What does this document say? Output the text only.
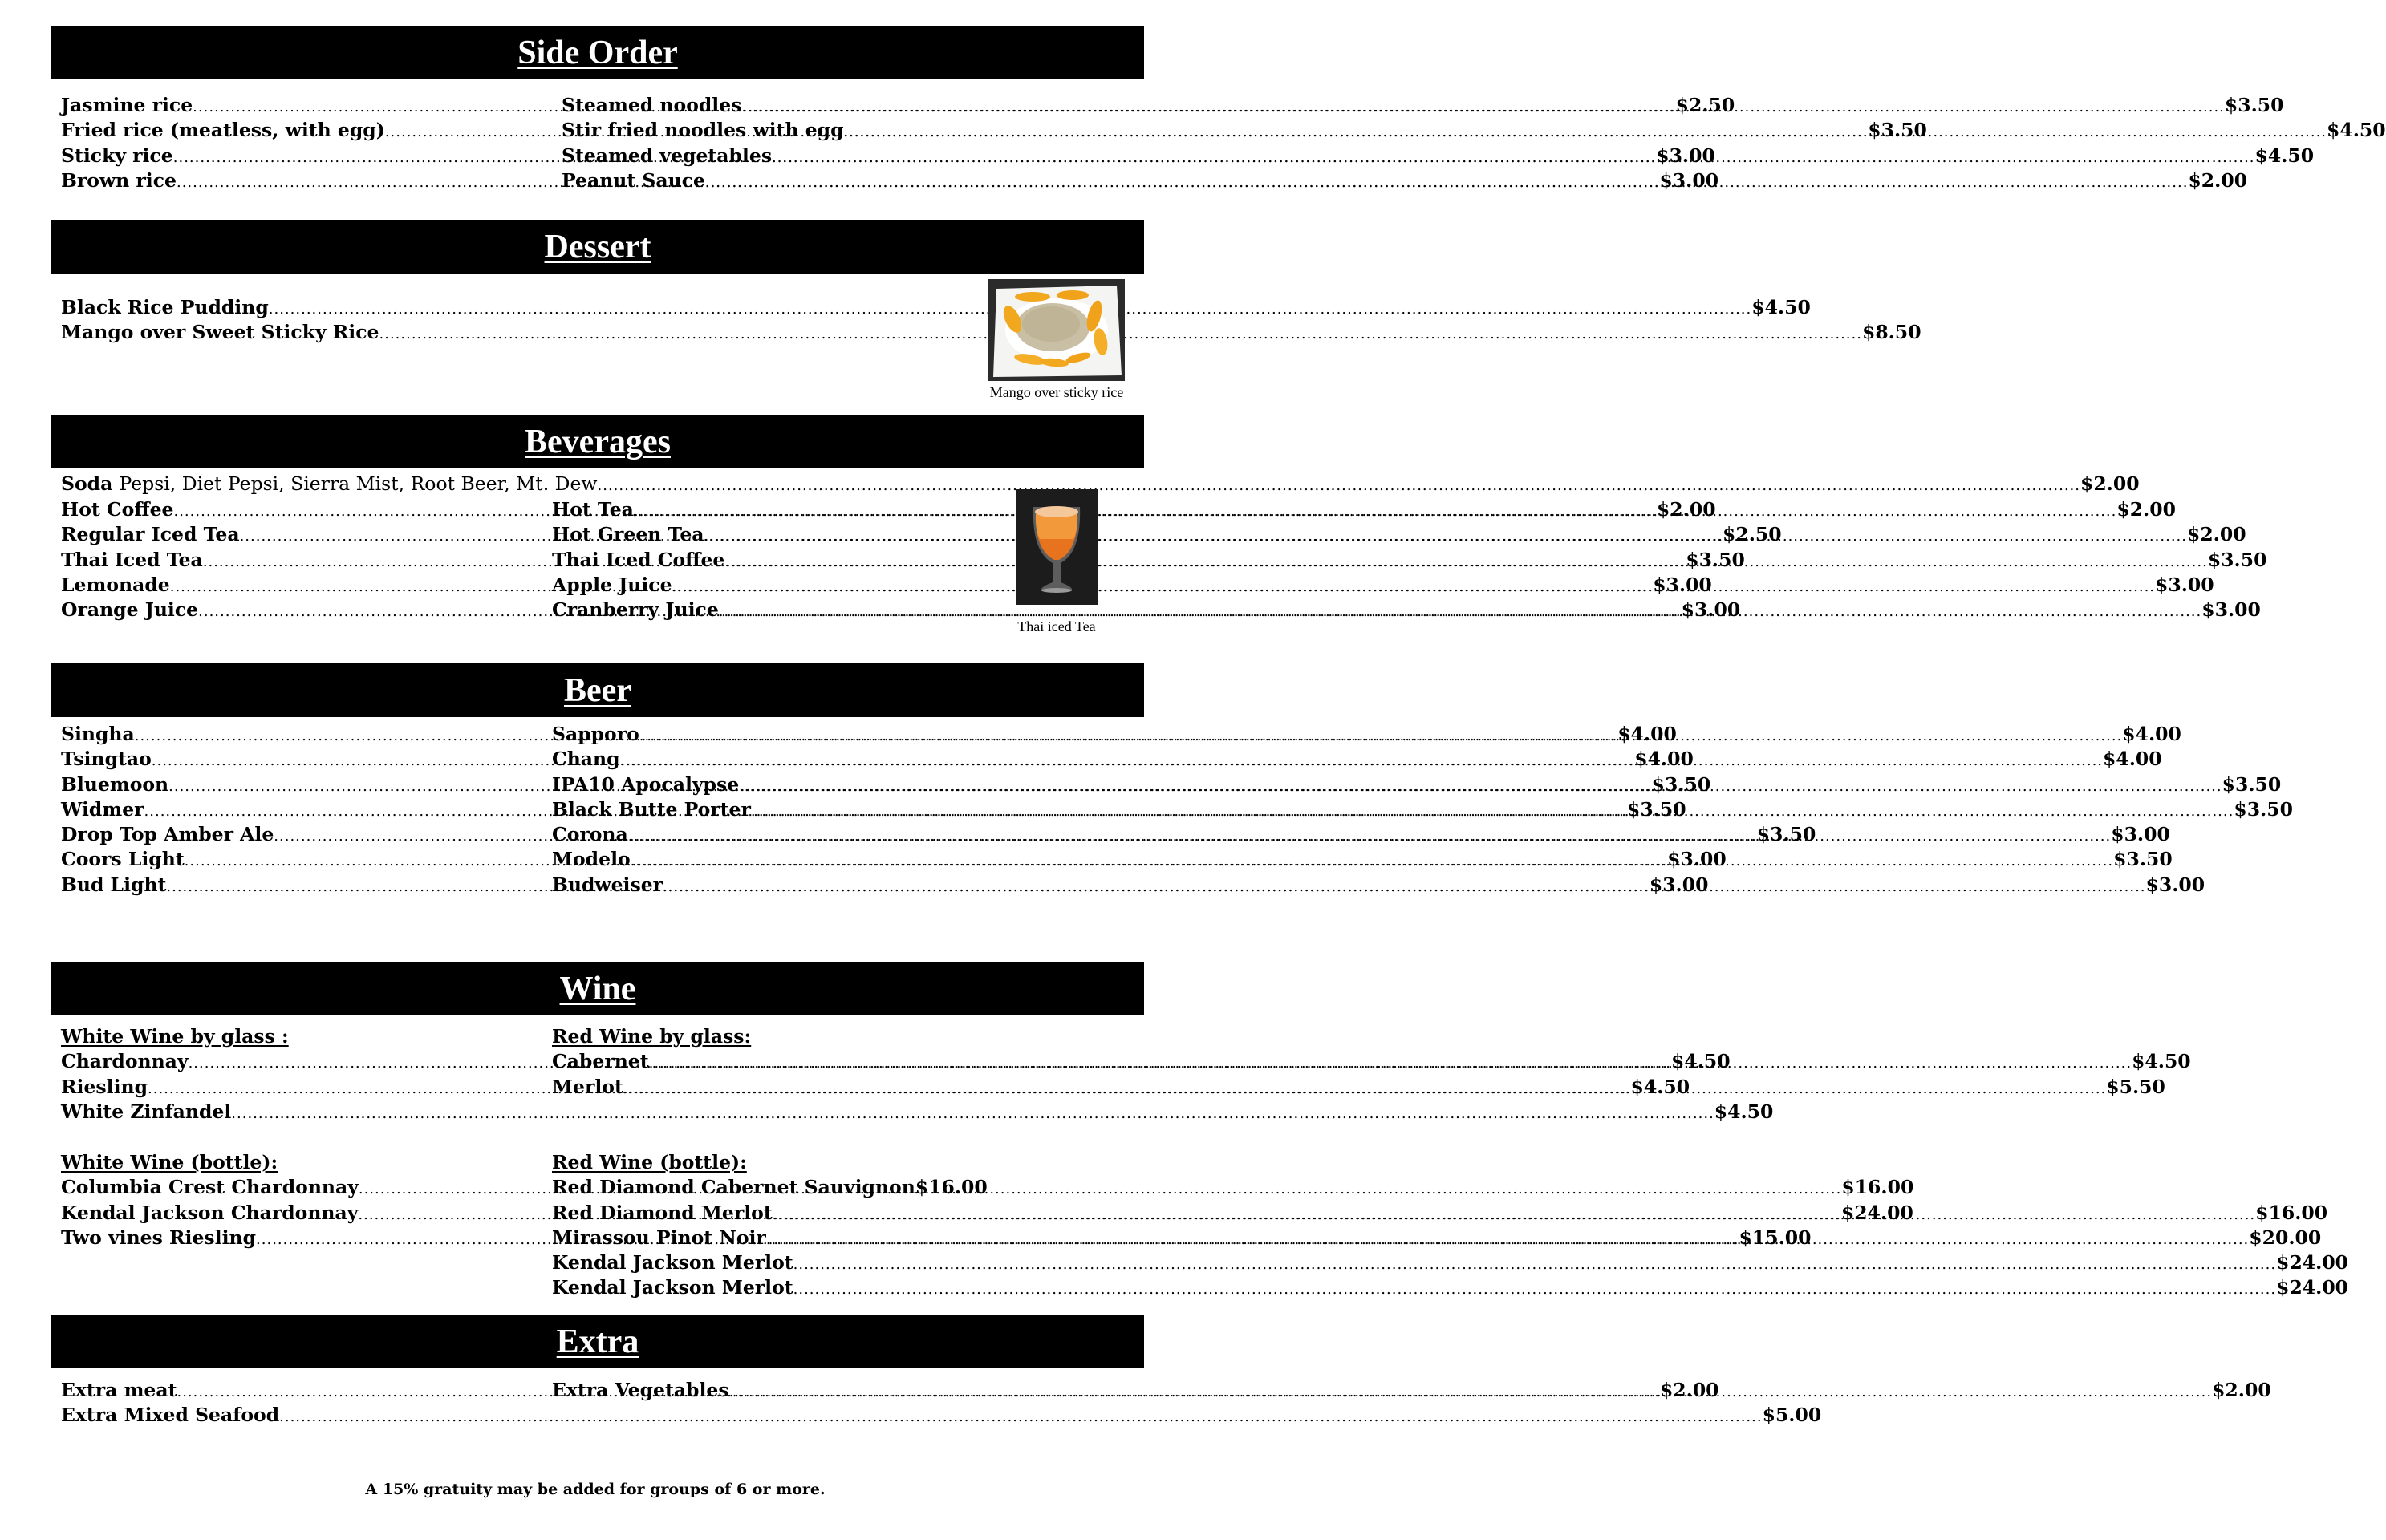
Side Order
Jasmine rice .....	$2.50
Fried rice (meatless, with egg) .....	$3.50
Sticky rice .....	$3.00
Brown rice .....	$3.00
Steamed noodles .....	$3.50
Stir fried noodles with egg .....	$4.50
Steamed vegetables .....	$4.50
Peanut Sauce .....	$2.00
Dessert
Black Rice Pudding .....	$4.50
Mango over Sweet Sticky Rice .....	$8.50
Mango over sticky rice
Beverages
Soda
Pepsi, Diet Pepsi, Sierra Mist, Root Beer, Mt. Dew .....	$2.00
Hot Coffee .....	$2.00
Regular Iced Tea .....	$2.50
Thai Iced Tea .....	$3.50
Lemonade .....	$3.00
Orange Juice .....	$3.00
Hot Tea .....	$2.00
Hot Green Tea .....	$2.00
Thai Iced Coffee .....	$3.50
Apple Juice .....	$3.00
Cranberry Juice .....	$3.00
Thai iced Tea
Beer
Singha .....	$4.00
Tsingtao .....	$4.00
Bluemoon .....	$3.50
Widmer .....	$3.50
Drop Top Amber Ale .....	$3.50
Coors Light .....	$3.00
Bud Light .....	$3.00
Sapporo .....	$4.00
Chang .....	$4.00
IPA10 Apocalypse .....	$3.50
Black Butte Porter .....	$3.50
Corona .....	$3.00
Modelo .....	$3.50
Budweiser .....	$3.00
Wine
White Wine by glass :
Chardonnay .....	$4.50
Riesling .....	$4.50
White Zinfandel .....	$4.50
Red Wine by glass:
Cabernet .....	$4.50
Merlot .....	$5.50
White Wine (bottle):
Columbia Crest Chardonnay .....	$16.00
Kendal Jackson Chardonnay .....	$24.00
Two vines Riesling .....	$15.00
Red Wine (bottle):
Red Diamond Cabernet Sauvignon $16.00
Red Diamond Merlot .....	$16.00
Mirassou Pinot Noir .....	$20.00
Kendal Jackson Merlot .....	$24.00
Kendal Jackson Merlot .....	$24.00
Extra
Extra meat .....	$2.00
Extra Mixed Seafood .....	$5.00
Extra Vegetables .....	$2.00
A 15% gratuity may be added for groups of 6 or more.
